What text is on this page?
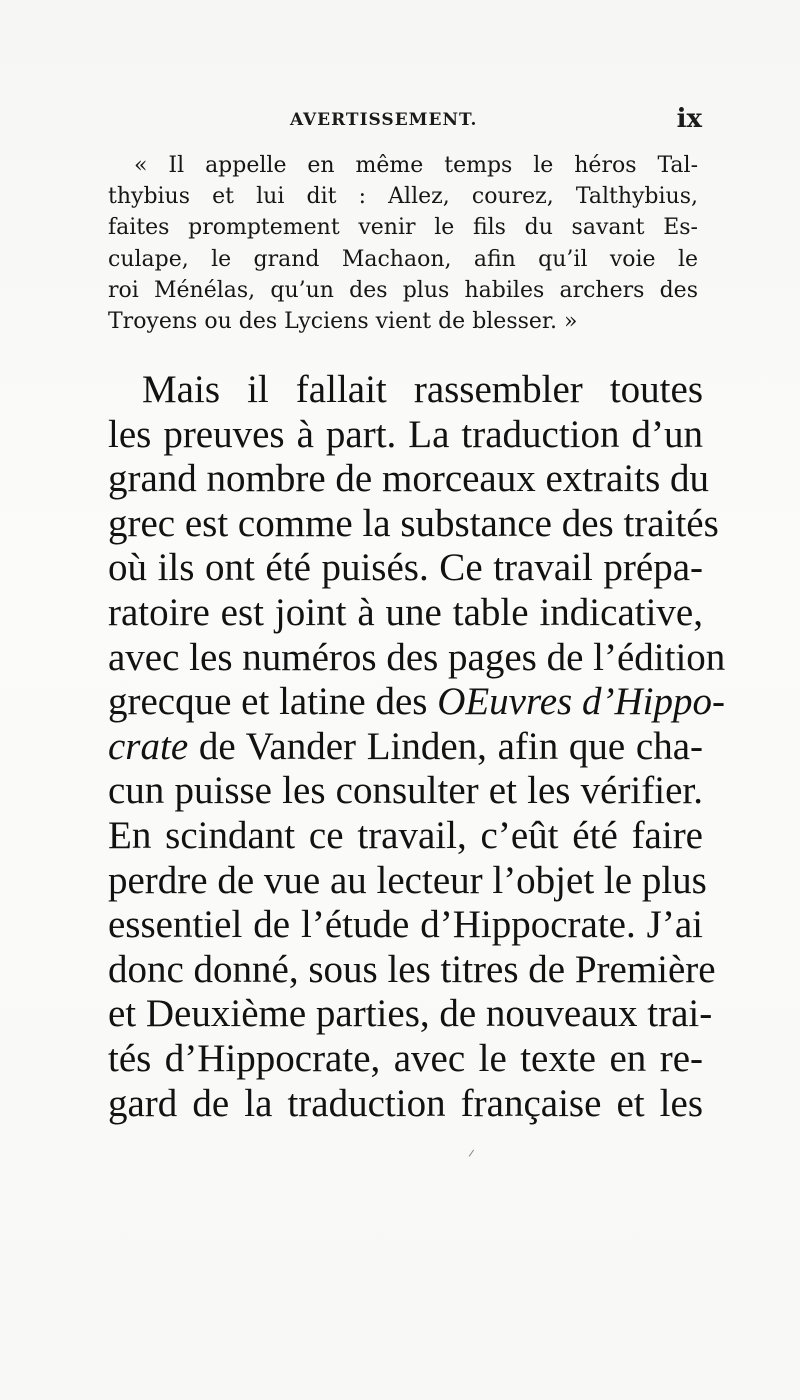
AVERTISSEMENT.	ix
« Il appelle en même temps le héros Tal-
thybius et lui dit : Allez, courez, Talthybius,
faites promptement venir le fils du savant Es-
culape, le grand Machaon, afin qu’il voie le
roi Ménélas, qu’un des plus habiles archers des
Troyens ou des Lyciens vient de blesser. »
Mais il fallait rassembler toutes
les preuves à part. La traduction d’un
grand nombre de morceaux extraits du
grec est comme la substance des traités
où ils ont été puisés. Ce travail prépa-
ratoire est joint à une table indicative,
avec les numéros des pages de l’édition
grecque et latine des OEuvres d’Hippo-
crate de Vander Linden, afin que cha-
cun puisse les consulter et les vérifier.
En scindant ce travail, c’eût été faire
perdre de vue au lecteur l’objet le plus
essentiel de l’étude d’Hippocrate. J’ai
donc donné, sous les titres de Première
et Deuxième parties, de nouveaux trai-
tés d’Hippocrate, avec le texte en re-
gard de la traduction française et les
